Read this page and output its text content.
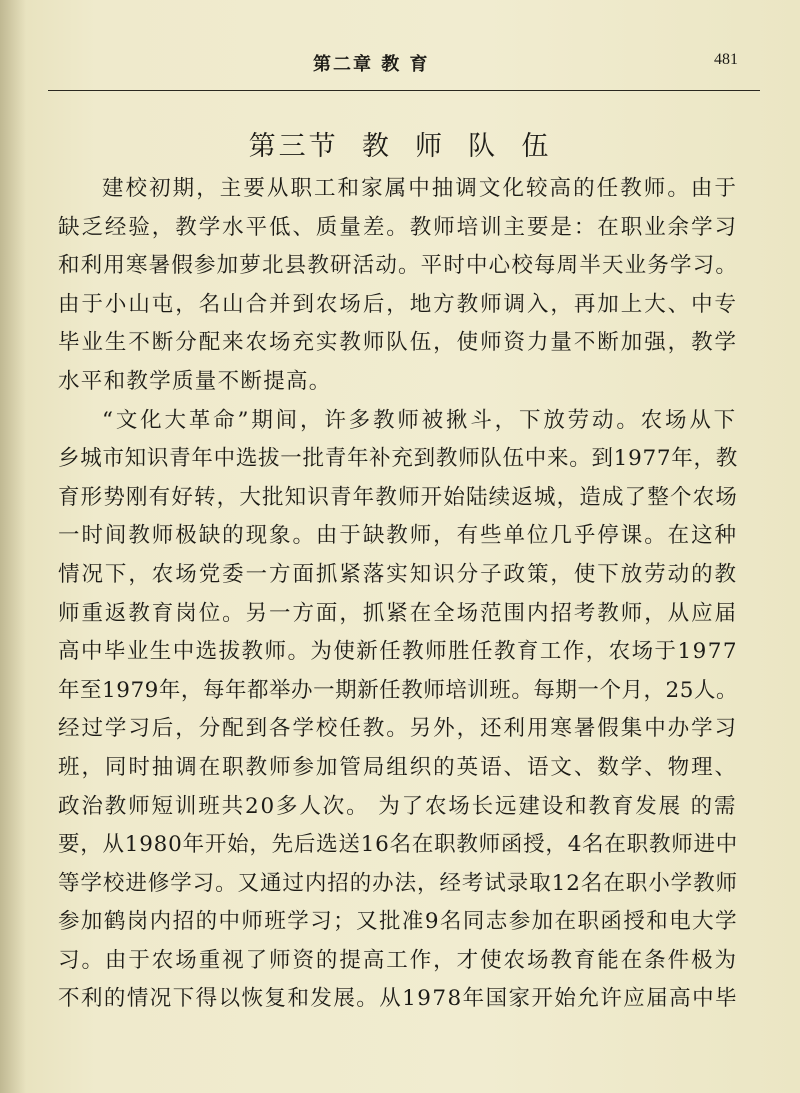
第二章 教 育	481
第三节  教  师  队  伍
建校初期，主要从职工和家属中抽调文化较高的任教师。由于
缺乏经验，教学水平低、质量差。教师培训主要是：在职业余学习
和利用寒暑假参加萝北县教研活动。平时中心校每周半天业务学习。
由于小山屯，名山合并到农场后，地方教师调入，再加上大、中专
毕业生不断分配来农场充实教师队伍，使师资力量不断加强，教学
水平和教学质量不断提高。
“文化大革命”期间，许多教师被揪斗，下放劳动。农场从下
乡城市知识青年中选拔一批青年补充到教师队伍中来。到1977年，教
育形势刚有好转，大批知识青年教师开始陆续返城，造成了整个农场
一时间教师极缺的现象。由于缺教师，有些单位几乎停课。在这种
情况下，农场党委一方面抓紧落实知识分子政策，使下放劳动的教
师重返教育岗位。另一方面，抓紧在全场范围内招考教师，从应届
高中毕业生中选拔教师。为使新任教师胜任教育工作，农场于1977
年至1979年，每年都举办一期新任教师培训班。每期一个月，25人。
经过学习后，分配到各学校任教。另外，还利用寒暑假集中办学习
班，同时抽调在职教师参加管局组织的英语、语文、数学、物理、
政治教师短训班共20多人次。 为了农场长远建设和教育发展 的需
要，从1980年开始，先后选送16名在职教师函授，4名在职教师进中
等学校进修学习。又通过内招的办法，经考试录取12名在职小学教师
参加鹤岗内招的中师班学习；又批准9名同志参加在职函授和电大学
习。由于农场重视了师资的提高工作，才使农场教育能在条件极为
不利的情况下得以恢复和发展。从1978年国家开始允许应届高中毕
